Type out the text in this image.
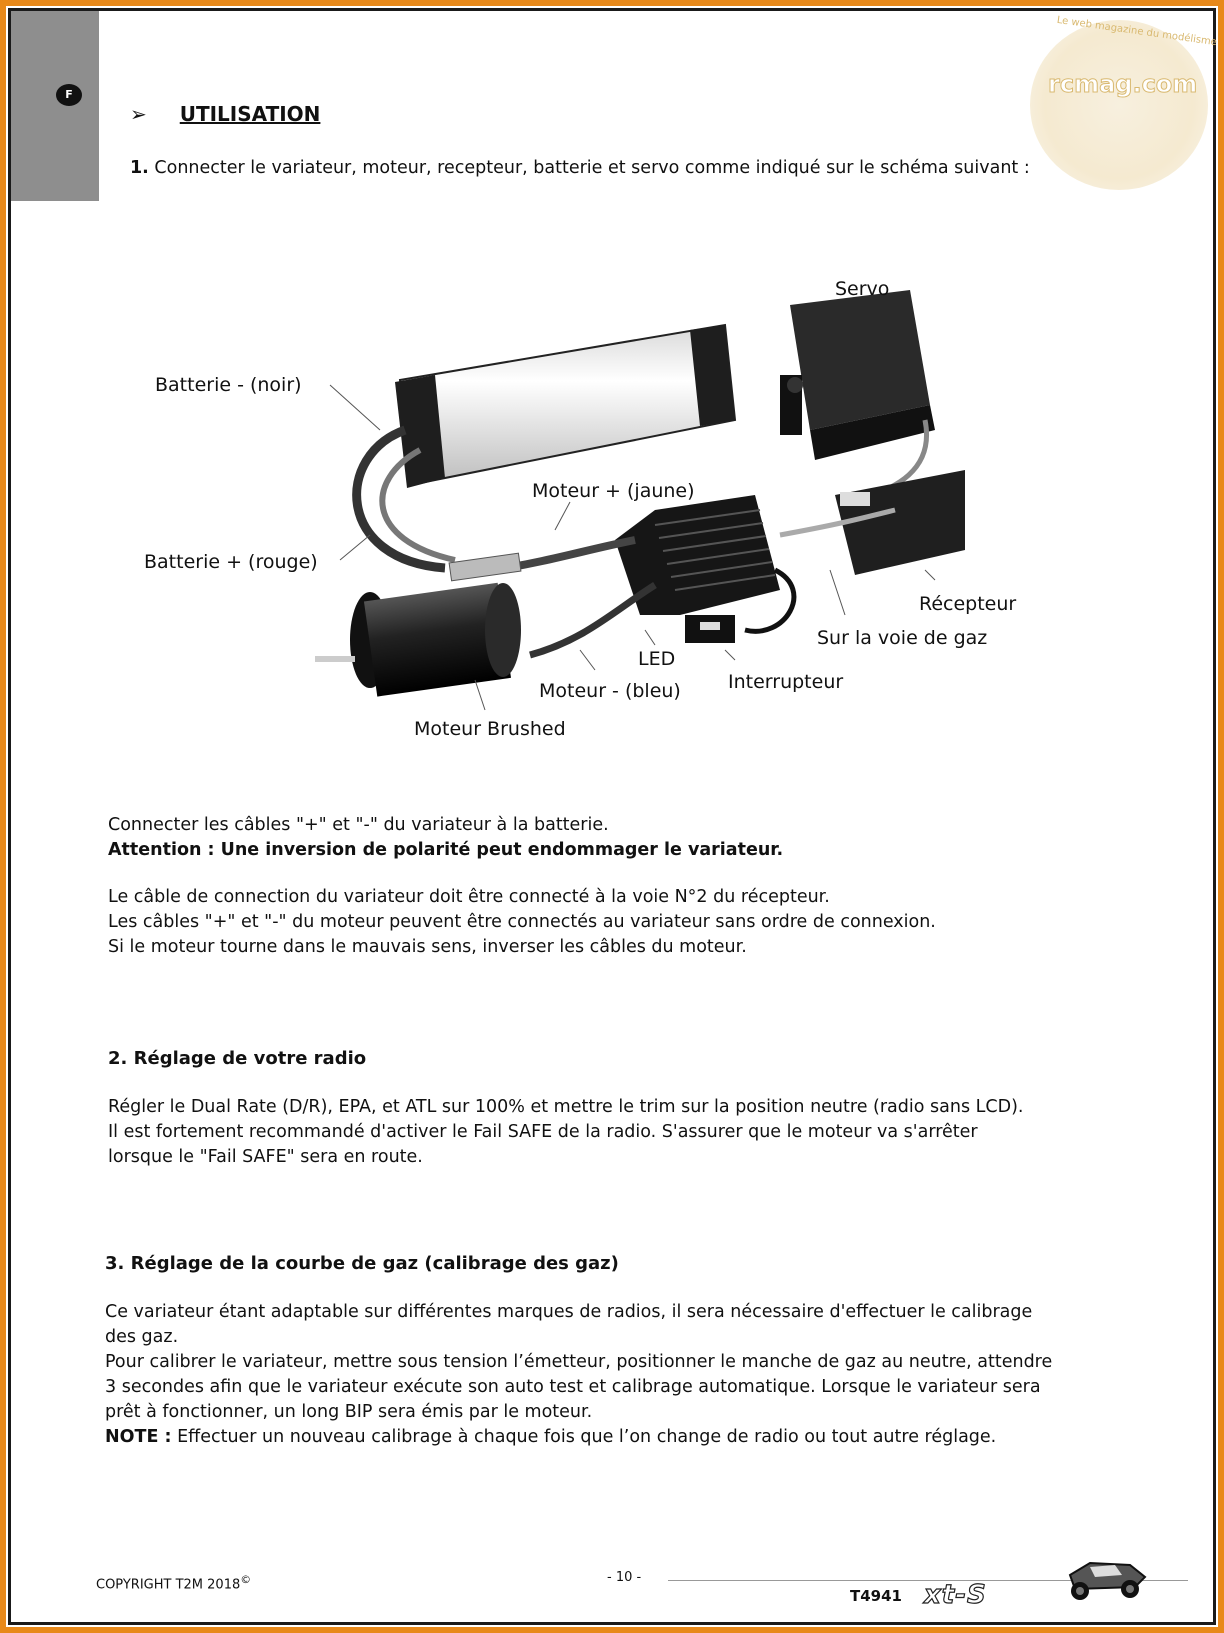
F
Le web magazine du modélisme
rcmag.com
➢ UTILISATION
1. Connecter le variateur, moteur, recepteur, batterie et servo comme indiqué sur le schéma suivant :
Servo
Batterie - (noir)
Moteur + (jaune)
Batterie + (rouge)
Récepteur
Sur la voie de gaz
LED
Interrupteur
Moteur - (bleu)
Moteur Brushed
Connecter les câbles "+" et "-" du variateur à la batterie.
Attention : Une inversion de polarité peut endommager le variateur.
Le câble de connection du variateur doit être connecté à la voie N°2 du récepteur.
Les câbles "+" et "-" du moteur peuvent être connectés au variateur sans ordre de connexion.
Si le moteur tourne dans le mauvais sens, inverser les câbles du moteur.
2. Réglage de votre radio
Régler le Dual Rate (D/R), EPA, et ATL sur 100% et mettre le trim sur la position neutre (radio sans LCD).
Il est fortement recommandé d'activer le Fail SAFE de la radio. S'assurer que le moteur va s'arrêter
lorsque le "Fail SAFE" sera en route.
3. Réglage de la courbe de gaz (calibrage des gaz)
Ce variateur étant adaptable sur différentes marques de radios, il sera nécessaire d'effectuer le calibrage
des gaz.
Pour calibrer le variateur, mettre sous tension l’émetteur, positionner le manche de gaz au neutre, attendre
3 secondes afin que le variateur exécute son auto test et calibrage automatique. Lorsque le variateur sera
prêt à fonctionner, un long BIP sera émis par le moteur.
NOTE : Effectuer un nouveau calibrage à chaque fois que l’on change de radio ou tout autre réglage.
COPYRIGHT T2M 2018©	- 10 -
T4941 xt-S
